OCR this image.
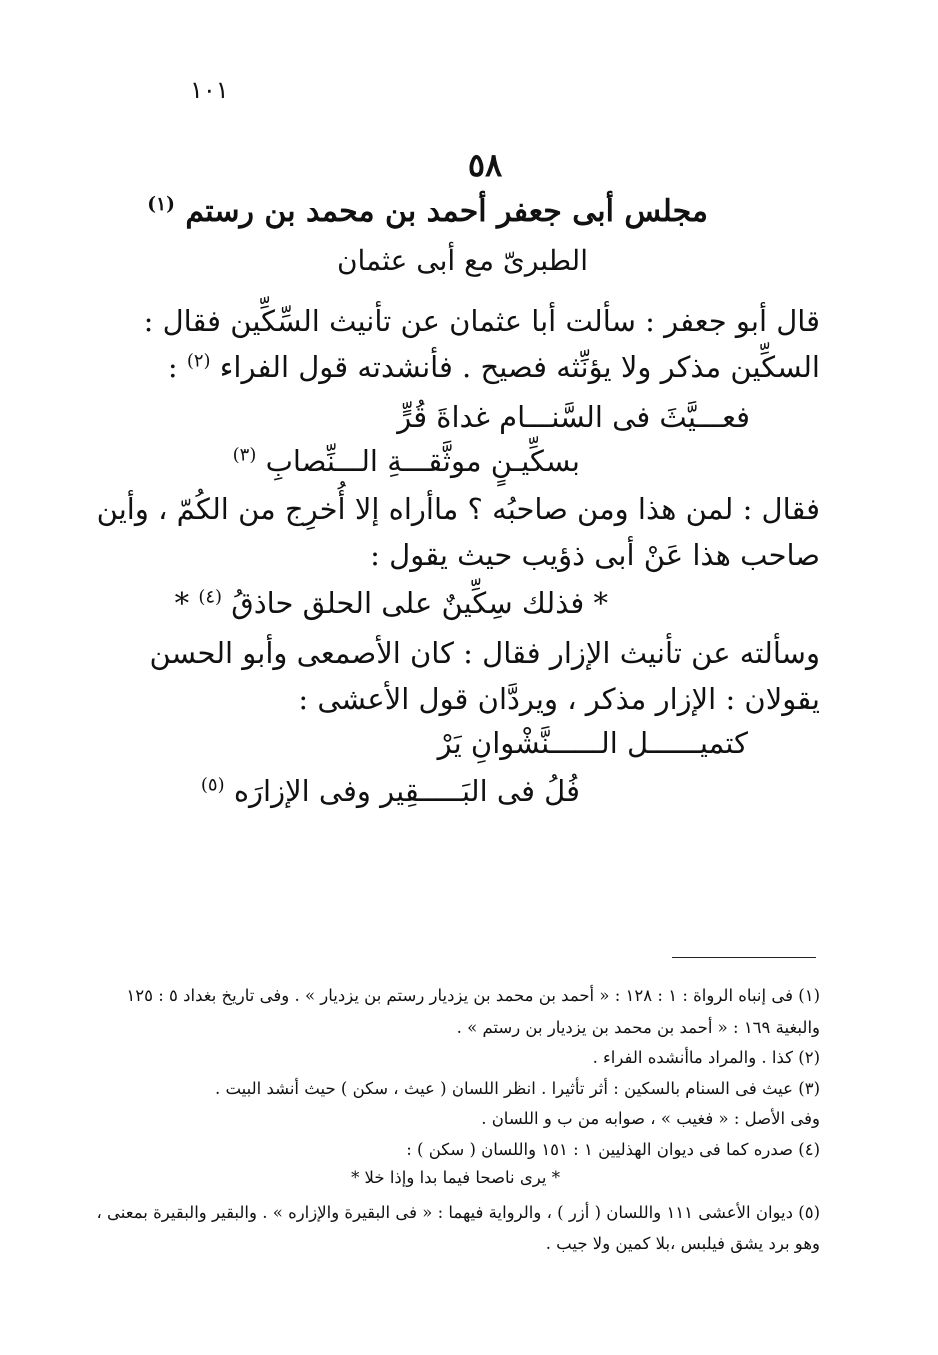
١٠١
٥٨
مجلس أبى جعفر أحمد بن محمد بن رستم $^{(١)}$
الطبرىّ مع أبى عثمان
قال أبو جعفر : سألت أبا عثمان عن تأنيث السِّكِّين فقال :
السكِّين مذكر ولا يؤنِّثه فصيح . فأنشدته قول الفراء $^{(٢)}$ :
فعـــيَّثَ فى السَّنـــام غداةَ قُرٍّ
بسكِّيـنٍ موثَّقـــةِ الـــنِّصابِ $^{(٣)}$
فقال : لمن هذا ومن صاحبُه ؟ ماأراه إلا أُخرِج من الكُمّ ، وأين
صاحب هذا عَنْ أبى ذؤيب حيث يقول :
* فذلك سِكِّينٌ على الحلق حاذقُ $^{(٤)}$ *
وسألته عن تأنيث الإزار فقال : كان الأصمعى وأبو الحسن
يقولان : الإزار مذكر ، ويردَّان قول الأعشى :
كتميــــــل الــــــنَّشْوانِ يَرْ
فُلُ فى البَـــــقِير وفى الإزارَه $^{(٥)}$
(١) فى إنباه الرواة : ١ : ١٢٨ : « أحمد بن محمد بن يزديار رستم بن يزديار » . وفى تاريخ بغداد ٥ : ١٢٥
والبغية ١٦٩ : « أحمد بن محمد بن يزديار بن رستم » .
(٢) كذا . والمراد ماأنشده الفراء .
(٣) عيث فى السنام بالسكين : أثر تأثيرا . انظر اللسان ( عيث ، سكن ) حيث أنشد البيت .
وفى الأصل : « فغيب » ، صوابه من ب و اللسان .
(٤) صدره كما فى ديوان الهذليين ١ : ١٥١ واللسان ( سكن ) :
* يرى ناصحا فيما بدا وإذا خلا *
(٥) ديوان الأعشى ١١١ واللسان ( أزر ) ، والرواية فيهما : « فى البقيرة والإزاره » . والبقير والبقيرة بمعنى ،
وهو برد يشق فيلبس ،بلا كمين ولا جيب .
